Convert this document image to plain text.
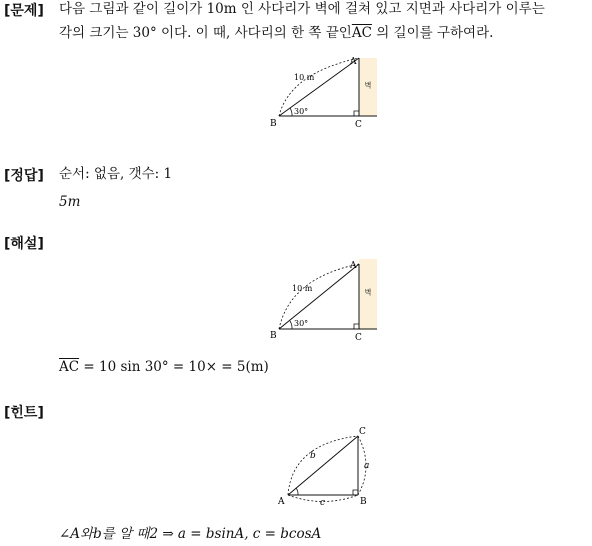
[문제] 다음 그림과 같이 길이가 10m 인 사다리가 벽에 걸쳐 있고 지면과 사다리가 이루는
각의 크기는 30° 이다. 이 때, 사다리의 한 쪽 끝인$\overline{AC}$ 의 길이를 구하여라.
벽
10 m
30°
A
B	C
[정답] 순서: 없음, 갯수: 1
5m
[해설]
벽
10 m
30°
A
B	C
$\overline{AC} = 10$ sin 30° = 10× = 5(m)
[힌트]
b
a
c
A	B
C
∠A와b를 알 때2 ⇒ a = bsinA, c = bcosA
